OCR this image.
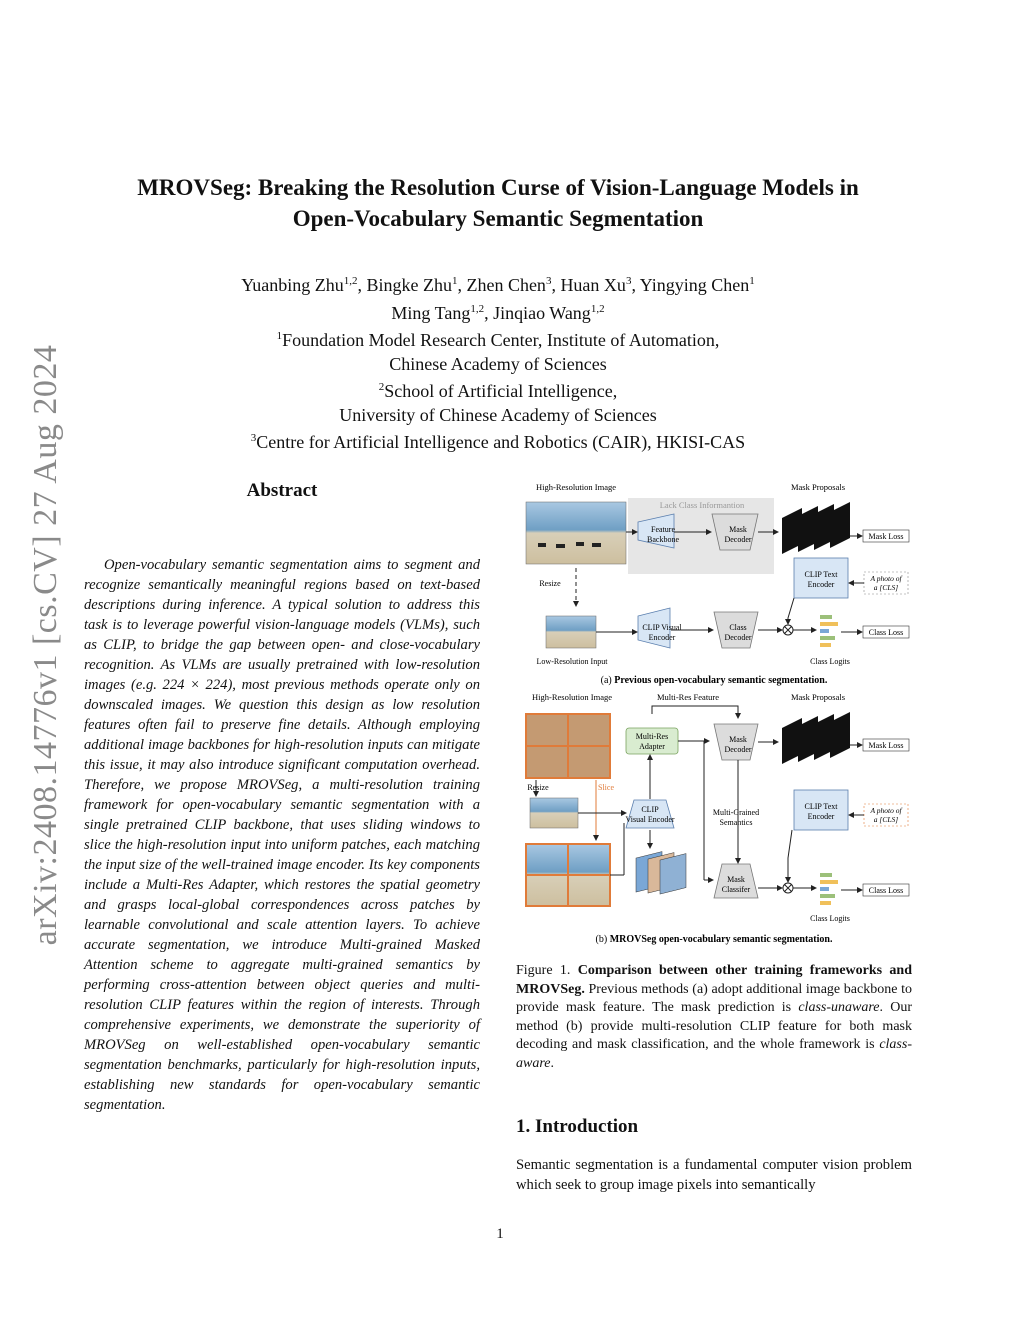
arXiv:2408.14776v1 [cs.CV] 27 Aug 2024
MROVSeg: Breaking the Resolution Curse of Vision-Language Models in
Open-Vocabulary Semantic Segmentation
Yuanbing Zhu$^{1,2}$, Bingke Zhu$^1$, Zhen Chen$^3$, Huan Xu$^3$, Yingying Chen$^1$
Ming Tang$^{1,2}$, Jinqiao Wang$^{1,2}$
$^1$Foundation Model Research Center, Institute of Automation,
Chinese Academy of Sciences
$^2$School of Artificial Intelligence,
University of Chinese Academy of Sciences
$^3$Centre for Artificial Intelligence and Robotics (CAIR), HKISI-CAS
Abstract
Open-vocabulary semantic segmentation aims to segment and recognize semantically meaningful regions based on text-based descriptions during inference. A typical solution to address this task is to leverage powerful vision-language models (VLMs), such as CLIP, to bridge the gap between open- and close-vocabulary recognition. As VLMs are usually pretrained with low-resolution images (e.g. 224 × 224), most previous methods operate only on downscaled images. We question this design as low resolution features often fail to preserve fine details. Although employing additional image backbones for high-resolution inputs can mitigate this issue, it may also introduce significant computation overhead. Therefore, we propose MROVSeg, a multi-resolution training framework for open-vocabulary semantic segmentation with a single pretrained CLIP backbone, that uses sliding windows to slice the high-resolution input into uniform patches, each matching the input size of the well-trained image encoder. Its key components include a Multi-Res Adapter, which restores the spatial geometry and grasps local-global correspondences across patches by learnable convolutional and scale attention layers. To achieve accurate segmentation, we introduce Multi-grained Masked Attention scheme to aggregate multi-grained semantics by performing cross-attention between object queries and multi-resolution CLIP features within the region of interests. Through comprehensive experiments, we demonstrate the superiority of MROVSeg on well-established open-vocabulary semantic segmentation benchmarks, particularly for high-resolution inputs, establishing new standards for open-vocabulary semantic segmentation.
High-Resolution Image	Mask Proposals
Lack Class Informantion
Feature
Backbone
Mask
Decoder	Mask Loss
Resize
CLIP Text
Encoder
A photo of
a [CLS]
Low-Resolution Input
CLIP Visual
Encoder
Class
Decoder
Class Logits
Class Loss
(a) Previous open-vocabulary semantic segmentation.
High-Resolution Image	Multi-Res Feature	Mask Proposals
Resize	Slice
Multi-Res
Adapter
CLIP
Visual Encoder
Mask
Decoder	Mask Loss
Multi-Grained
Semantics
CLIP Text
Encoder
A photo of
a [CLS]
Mask
Classifer
Class Logits
Class Loss
(b) MROVSeg open-vocabulary semantic segmentation.
Figure 1. Comparison between other training frameworks and MROVSeg. Previous methods (a) adopt additional image backbone to provide mask feature. The mask prediction is class-unaware. Our method (b) provide multi-resolution CLIP feature for both mask decoding and mask classification, and the whole framework is class-aware.
1. Introduction
Semantic segmentation is a fundamental computer vision problem which seek to group image pixels into semantically
1
